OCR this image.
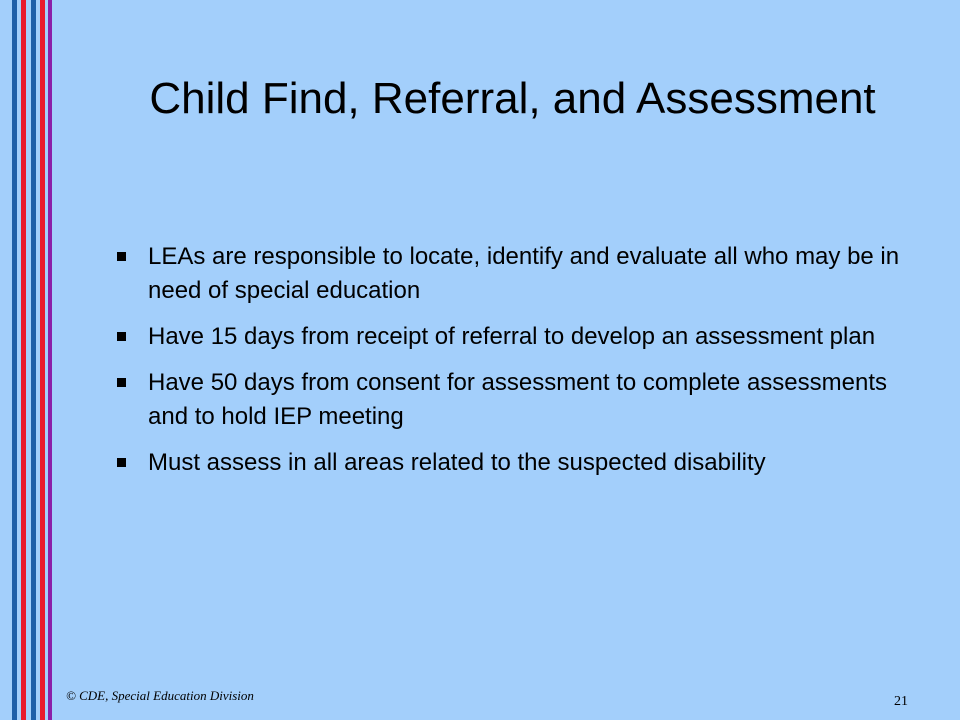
Child Find, Referral, and Assessment
LEAs are responsible to locate, identify and evaluate all who may be in need of special education
Have 15 days from receipt of referral to develop an assessment plan
Have 50 days from consent for assessment to complete assessments and to hold IEP meeting
Must assess in all areas related to the suspected disability
© CDE, Special Education Division	21
